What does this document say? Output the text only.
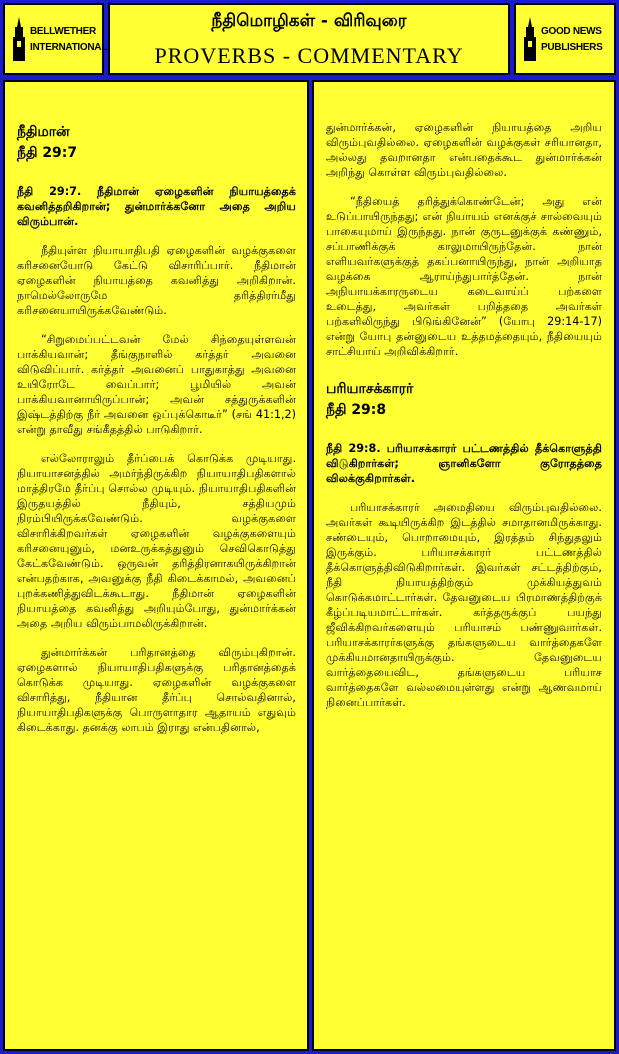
BELLWETHER
INTERNATIONAL
நீதிமொழிகள் - விரிவுரை
PROVERBS - COMMENTARY
GOOD NEWS
PUBLISHERS
நீதிமான்
நீதி 29:7

நீதி 29:7. நீதிமான் ஏழைகளின் நியாயத்தைக் கவனித்தறிகிறான்; துன்மார்க்கனோ அதை அறிய விரும்பான்.

நீதியுள்ள நியாயாதிபதி ஏழைகளின் வழக்குகளை கரிசனையோடு கேட்டு விசாரிப்பார். நீதிமான் ஏழைகளின் நியாயத்தை கவனித்து அறிகிறான். நாமெல்லோருமே தரித்திரர்மீது கரிசனையாயிருக்கவேண்டும்.

“சிறுமைப்பட்டவன் மேல் சிந்தையுள்ளவன் பாக்கியவான்; தீங்குநாளில் கர்த்தர் அவனை விடுவிப்பார். கர்த்தர் அவனைப் பாதுகாத்து அவனை உயிரோடே வைப்பார்; பூமியில் அவன் பாக்கியவானாயிருப்பான்; அவன் சத்துருக்களின் இஷ்டத்திற்கு நீர் அவனை ஒப்புக்கொடீர்” (சங் 41:1,2) என்று தாவீது சங்கீதத்தில் பாடுகிறார்.

எல்லோராலும் தீர்ப்பைக் கொடுக்க முடியாது. நியாயாசனத்தில் அமர்ந்திருக்கிற நியாயாதிபதிகளால் மாத்திரமே தீர்ப்பு சொல்ல முடியும். நியாயாதிபதிகளின் இருதயத்தில் நீதியும், சத்தியமும் நிரம்பியிருக்கவேண்டும். வழக்குகளை விசாரிக்கிறவர்கள் ஏழைகளின் வழக்குகளையும் கரிசனையுனும், மனஉருக்கத்துனும் செவிகொடுத்து கேட்கவேண்டும். ஒருவன் தரித்திரனாகயிருக்கிறான் என்பதற்காக, அவனுக்கு நீதி கிடைக்காமல், அவனைப் புறக்கணித்துவிடக்கூடாது. நீதிமான் ஏழைகளின் நியாயத்தை கவனித்து அறியும்போது, துன்மார்க்கன் அதை அறிய விரும்பாமலிருக்கிறான்.

துன்மார்க்கன் பரிதானத்தை விரும்புகிறான். ஏழைகளால் நியாயாதிபதிகளுக்கு பரிதானத்தைக் கொடுக்க முடியாது. ஏழைகளின் வழக்குகளை விசாரித்து, நீதியான தீர்ப்பு சொல்வதினால், நியாயாதிபதிகளுக்கு பொருளாதார ஆதாயம் எதுவும் கிடைக்காது. தனக்கு லாபம் இராது என்பதினால்,

துன்மார்க்கன், ஏழைகளின் நியாயத்தை அறிய விரும்புவதில்லை. ஏழைகளின் வழக்குகள் சரியானதா, அல்லது தவறானதா என்பதைக்கூட துன்மார்க்கன் அறிந்து கொள்ள விரும்புவதில்லை.

“நீதியைத் தரித்துக்கொண்டேன்; அது என் உடுப்பாயிருந்தது; என் நியாயம் எனக்குச் சால்வையும் பாகையுமாய் இருந்தது. நான் குருடனுக்குக் கண்ணும், சப்பாணிக்குக் காலுமாயிருந்தேன். நான் எளியவர்களுக்குத் தகப்பனாயிருந்து, நான் அறியாத வழக்கை ஆராய்ந்துபார்த்தேன். நான் அநியாயக்காரருடைய கடைவாய்ப் பற்களை உடைத்து, அவர்கள் பறித்ததை அவர்கள் பற்களிலிருந்து பிடுங்கினேன்” (யோபு 29:14-17) என்று யோபு தன்னுடைய உத்தமத்தையும், நீதியையும் சாட்சியாய் அறிவிக்கிறார்.

பரியாசக்காரர்
நீதி 29:8

நீதி 29:8. பரியாசக்காரர் பட்டணத்தில் தீக்கொளுத்தி விடுகிறார்கள்; ஞானிகளோ குரோதத்தை விலக்குகிறார்கள்.

பரியாசக்காரர் அமைதியை விரும்புவதில்லை. அவர்கள் கூடியிருக்கிற இடத்தில் சமாதானமிருக்காது. சண்டையும், பொறாமையும், இரத்தம் சிந்துதலும் இருக்கும். பரியாசக்காரர் பட்டணத்தில் தீக்கொளுத்திவிடுகிறார்கள். இவர்கள் சட்டத்திற்கும், நீதி நியாயத்திற்கும் முக்கியத்துவம் கொடுக்கமாட்டார்கள். தேவனுடைய பிரமாணத்திற்குக் கீழ்ப்படியமாட்டார்கள். கர்த்தருக்குப் பயந்து ஜீவிக்கிறவர்களையும் பரியாசம் பண்ணுவார்கள். பரியாசக்காரர்களுக்கு தங்களுடைய வார்த்தைகளே முக்கியமானதாயிருக்கும். தேவனுடைய வார்த்தையைவிட, தங்களுடைய பரியாச வார்த்தைகளே வல்லமையுள்ளது என்று ஆணவமாய் நினைப்பார்கள்.
